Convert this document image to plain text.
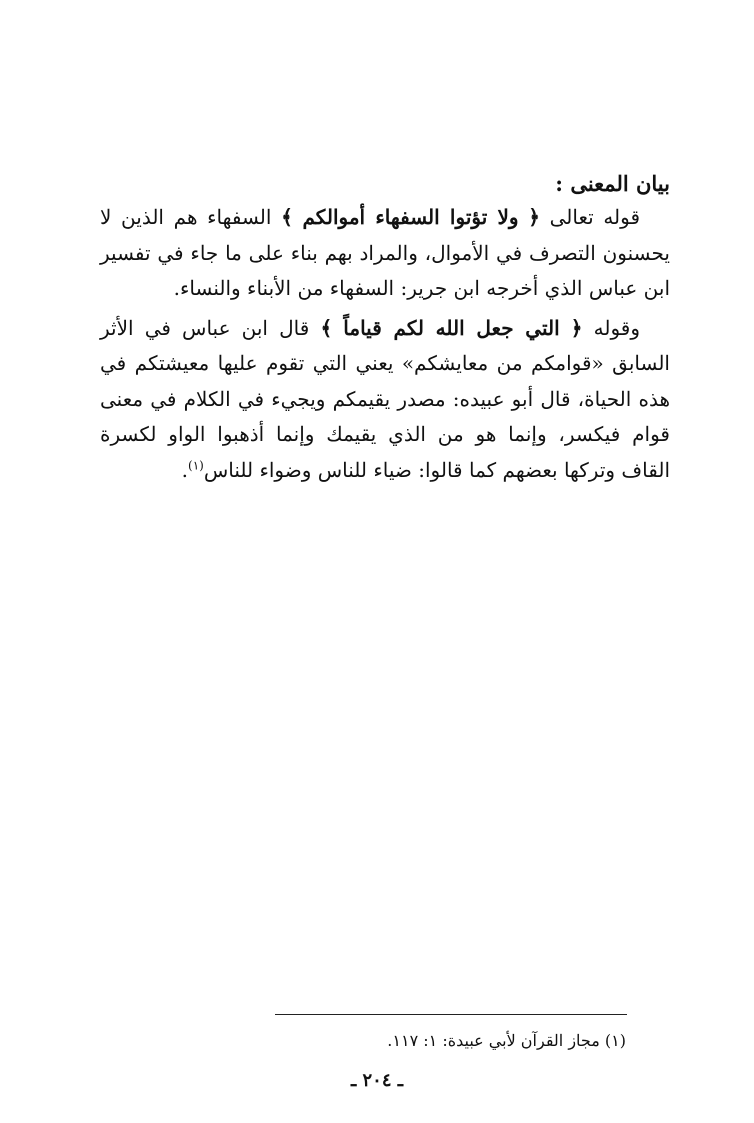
بيان المعنى :

قوله تعالى ﴿ ولا تؤتوا السفهاء أموالكم ﴾ السفهاء هم الذين لا يحسنون التصرف في الأموال، والمراد بهم بناء على ما جاء في تفسير ابن عباس الذي أخرجه ابن جرير: السفهاء من الأبناء والنساء.

وقوله ﴿ التي جعل الله لكم قياماً ﴾ قال ابن عباس في الأثر السابق «قوامكم من معايشكم» يعني التي تقوم عليها معيشتكم في هذه الحياة، قال أبو عبيده: مصدر يقيمكم ويجيء في الكلام في معنى قوام فيكسر، وإنما هو من الذي يقيمك وإنما أذهبوا الواو لكسرة القاف وتركها بعضهم كما قالوا: ضياء للناس وضواء للناس$^{(١)}$.

(١) مجاز القرآن لأبي عبيدة: ١: ١١٧.
ـ ٢٠٤ ـ
